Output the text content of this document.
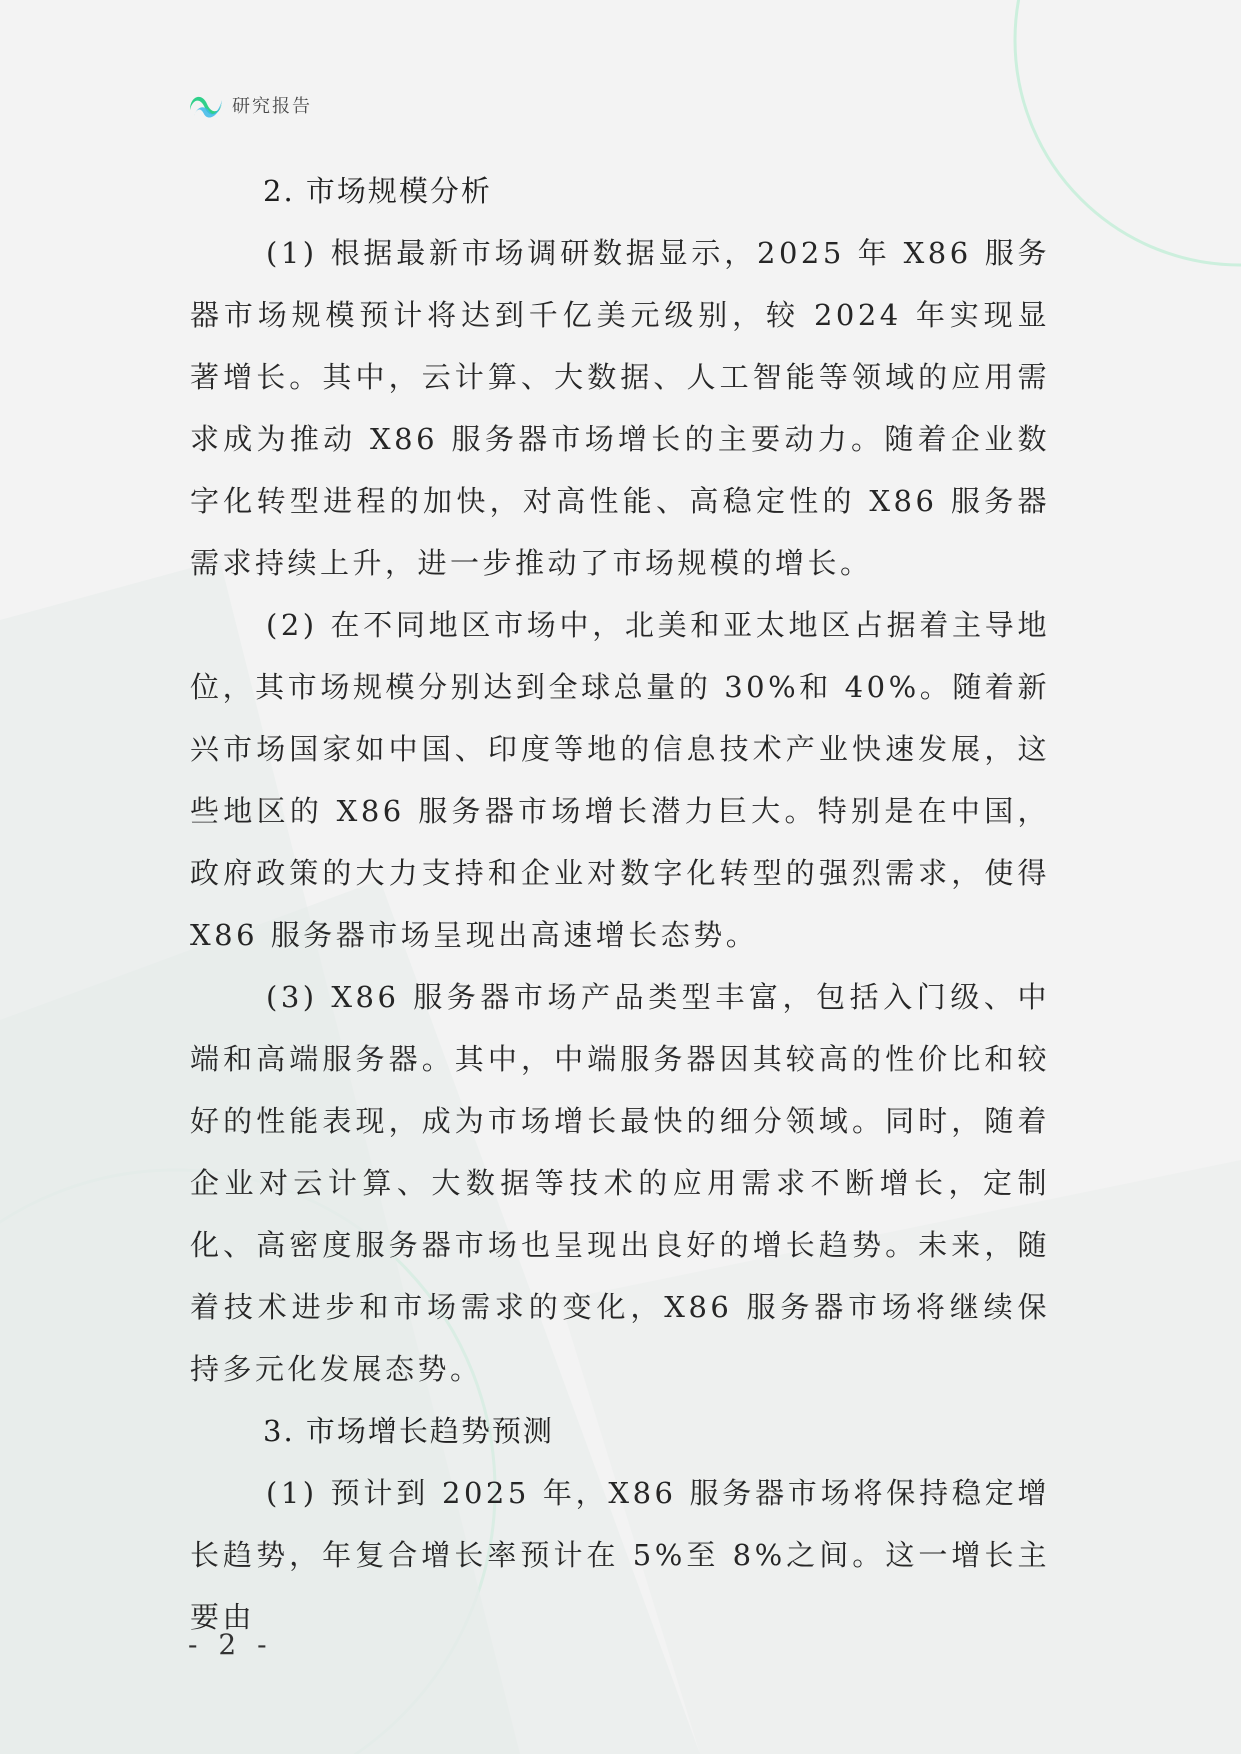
研究报告
2. 市场规模分析

(1) 根据最新市场调研数据显示，2025 年 X86 服务器市场规模预计将达到千亿美元级别，较 2024 年实现显著增长。其中，云计算、大数据、人工智能等领域的应用需求成为推动 X86 服务器市场增长的主要动力。随着企业数字化转型进程的加快，对高性能、高稳定性的 X86 服务器需求持续上升，进一步推动了市场规模的增长。

(2) 在不同地区市场中，北美和亚太地区占据着主导地位，其市场规模分别达到全球总量的 30%和 40%。随着新兴市场国家如中国、印度等地的信息技术产业快速发展，这些地区的 X86 服务器市场增长潜力巨大。特别是在中国，政府政策的大力支持和企业对数字化转型的强烈需求，使得 X86 服务器市场呈现出高速增长态势。

(3) X86 服务器市场产品类型丰富，包括入门级、中端和高端服务器。其中，中端服务器因其较高的性价比和较好的性能表现，成为市场增长最快的细分领域。同时，随着企业对云计算、大数据等技术的应用需求不断增长，定制化、高密度服务器市场也呈现出良好的增长趋势。未来，随着技术进步和市场需求的变化，X86 服务器市场将继续保持多元化发展态势。

3. 市场增长趋势预测

(1) 预计到 2025 年，X86 服务器市场将保持稳定增长趋势，年复合增长率预计在 5%至 8%之间。这一增长主要由

- 2 -
